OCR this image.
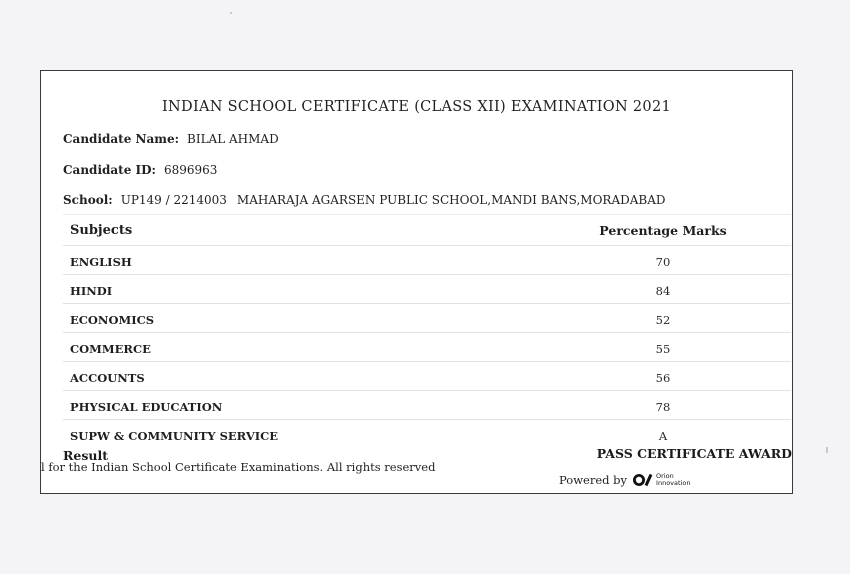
INDIAN SCHOOL CERTIFICATE (CLASS XII) EXAMINATION 2021
Candidate Name: BILAL AHMAD
Candidate ID: 6896963
School: UP149 / 2214003 MAHARAJA AGARSEN PUBLIC SCHOOL,MANDI BANS,MORADABAD
Subjects	Percentage Marks
ENGLISH	70
HINDI	84
ECONOMICS	52
COMMERCE	55
ACCOUNTS	56
PHYSICAL EDUCATION	78
SUPW & COMMUNITY SERVICE	A
Result	PASS CERTIFICATE AWARD
l for the Indian School Certificate Examinations. All rights reserved
Powered by	Orion
Innovation
